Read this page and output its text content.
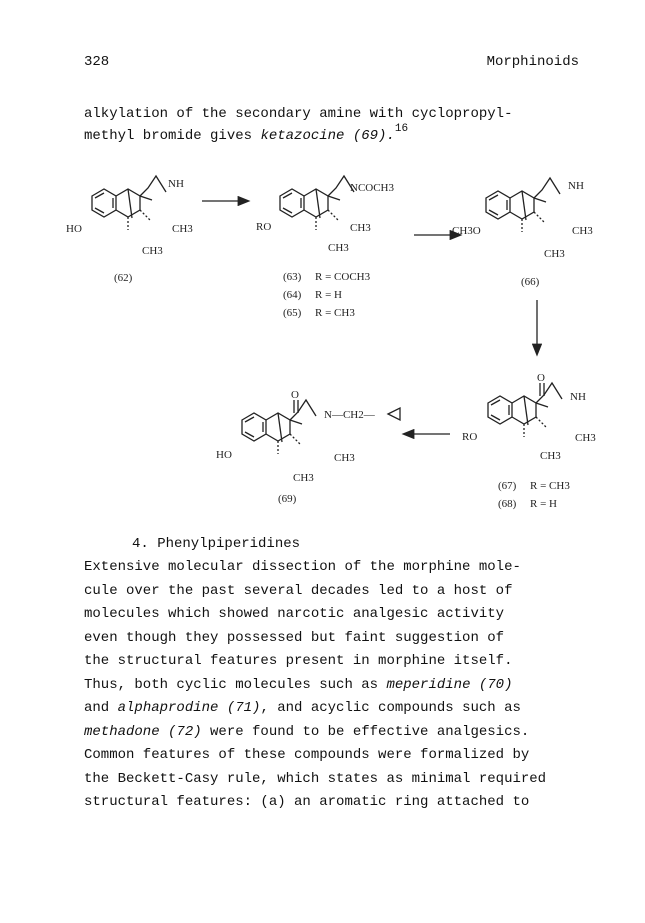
328	Morphinoids
alkylation of the secondary amine with cyclopropyl-
methyl bromide gives ketazocine (69).$^{16}$
HO
NH
CH3
CH3
(62)
RO
NCOCH3
CH3
CH3
(63) R = COCH3
(64) R = H
(65) R = CH3
CH3O
NH
CH3
CH3
(66)
O
RO
NH
CH3
CH3
(67) R = CH3
(68) R = H
O
HO
N—CH2—
CH3
CH3
(69)
4. Phenylpiperidines
Extensive molecular dissection of the morphine mole-
cule over the past several decades led to a host of
molecules which showed narcotic analgesic activity
even though they possessed but faint suggestion of
the structural features present in morphine itself.
Thus, both cyclic molecules such as meperidine (70)
and alphaprodine (71), and acyclic compounds such as
methadone (72) were found to be effective analgesics.
Common features of these compounds were formalized by
the Beckett-Casy rule, which states as minimal required
structural features: (a) an aromatic ring attached to
